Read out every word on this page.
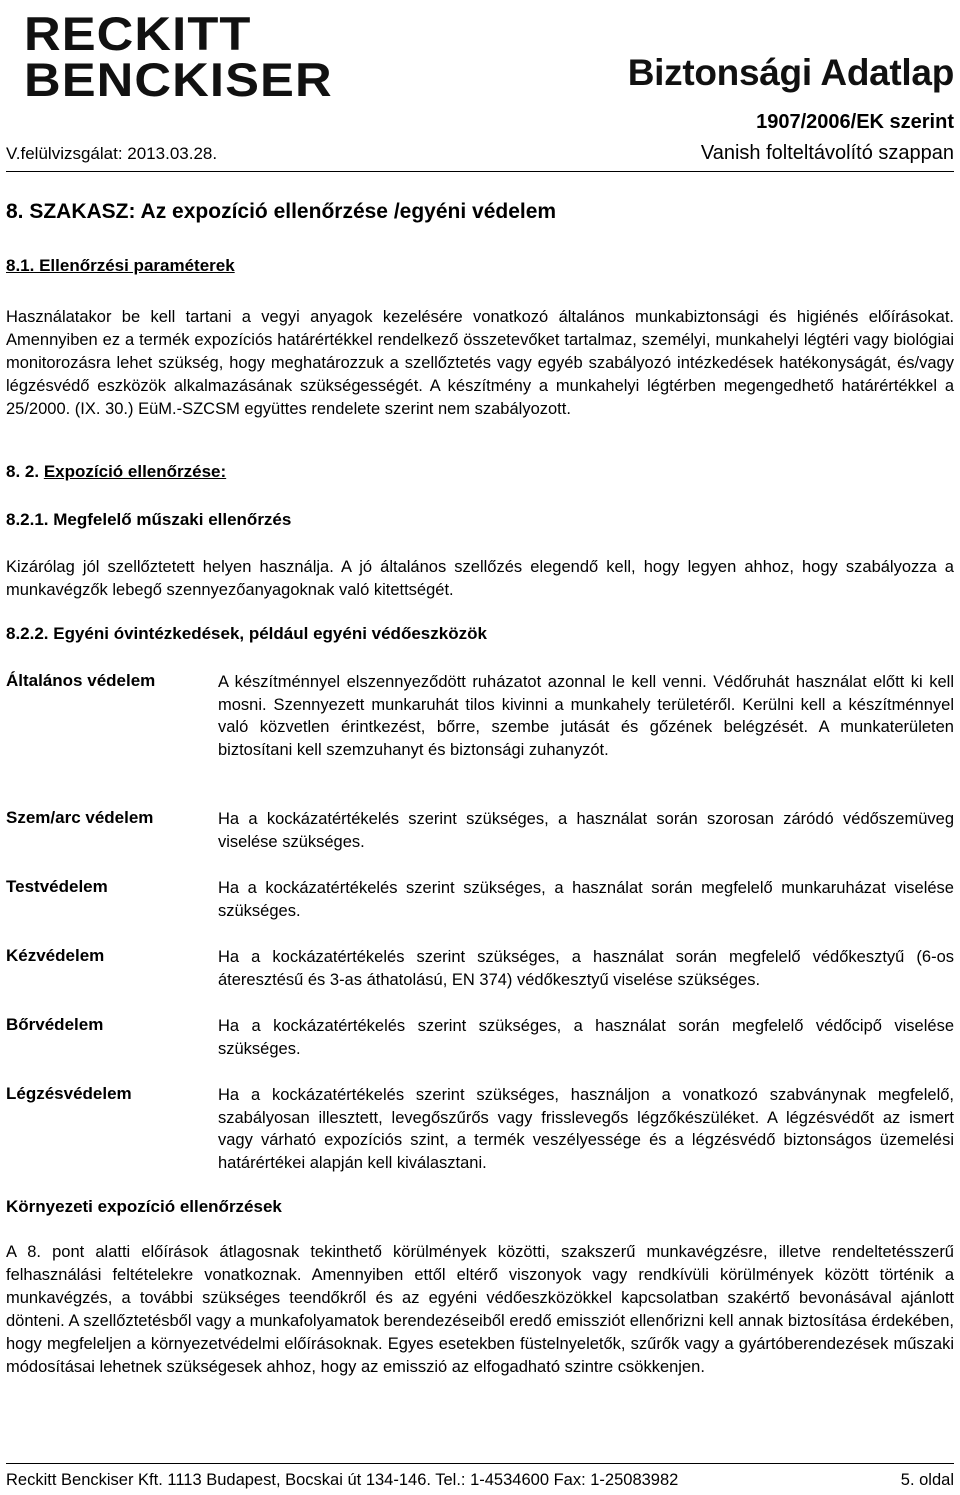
RECKITT
BENCKISER	Biztonsági Adatlap
1907/2006/EK szerint
Vanish folteltávolító szappan
V.felülvizsgálat: 2013.03.28.
8. SZAKASZ: Az expozíció ellenőrzése /egyéni védelem
8.1. Ellenőrzési paraméterek
Használatakor be kell tartani a vegyi anyagok kezelésére vonatkozó általános munkabiztonsági és higiénés előírásokat. Amennyiben ez a termék expozíciós határértékkel rendelkező összetevőket tartalmaz, személyi, munkahelyi légtéri vagy biológiai monitorozásra lehet szükség, hogy meghatározzuk a szellőztetés vagy egyéb szabályozó intézkedések hatékonyságát, és/vagy légzésvédő eszközök alkalmazásának szükségességét. A készítmény a munkahelyi légtérben megengedhető határértékkel a 25/2000. (IX. 30.) EüM.-SZCSM együttes rendelete szerint nem szabályozott.
8. 2. Expozíció ellenőrzése:
8.2.1. Megfelelő műszaki ellenőrzés
Kizárólag jól szellőztetett helyen használja. A jó általános szellőzés elegendő kell, hogy legyen ahhoz, hogy szabályozza a munkavégzők lebegő szennyezőanyagoknak való kitettségét.
8.2.2. Egyéni óvintézkedések, például egyéni védőeszközök
Általános védelem	A készítménnyel elszennyeződött ruházatot azonnal le kell venni. Védőruhát használat előtt ki kell mosni. Szennyezett munkaruhát tilos kivinni a munkahely területéről. Kerülni kell a készítménnyel való közvetlen érintkezést, bőrre, szembe jutását és gőzének belégzését. A munkaterületen biztosítani kell szemzuhanyt és biztonsági zuhanyzót.
Szem/arc védelem	Ha a kockázatértékelés szerint szükséges, a használat során szorosan záródó védőszemüveg viselése szükséges.
Testvédelem	Ha a kockázatértékelés szerint szükséges, a használat során megfelelő munkaruházat viselése szükséges.
Kézvédelem	Ha a kockázatértékelés szerint szükséges, a használat során megfelelő védőkesztyű (6-os áteresztésű és 3-as áthatolású, EN 374) védőkesztyű viselése szükséges.
Bőrvédelem	Ha a kockázatértékelés szerint szükséges, a használat során megfelelő védőcipő viselése szükséges.
Légzésvédelem	Ha a kockázatértékelés szerint szükséges, használjon a vonatkozó szabványnak megfelelő, szabályosan illesztett, levegőszűrős vagy frisslevegős légzőkészüléket. A légzésvédőt az ismert vagy várható expozíciós szint, a termék veszélyessége és a légzésvédő biztonságos üzemelési határértékei alapján kell kiválasztani.
Környezeti expozíció ellenőrzések
A 8. pont alatti előírások átlagosnak tekinthető körülmények közötti, szakszerű munkavégzésre, illetve rendeltetésszerű felhasználási feltételekre vonatkoznak. Amennyiben ettől eltérő viszonyok vagy rendkívüli körülmények között történik a munkavégzés, a további szükséges teendőkről és az egyéni védőeszközökkel kapcsolatban szakértő bevonásával ajánlott dönteni. A szellőztetésből vagy a munkafolyamatok berendezéseiből eredő emissziót ellenőrizni kell annak biztosítása érdekében, hogy megfeleljen a környezetvédelmi előírásoknak. Egyes esetekben füstelnyeletők, szűrők vagy a gyártóberendezések műszaki módosításai lehetnek szükségesek ahhoz, hogy az emisszió az elfogadható szintre csökkenjen.
Reckitt Benckiser Kft. 1113 Budapest, Bocskai út 134-146. Tel.: 1-4534600 Fax: 1-25083982	5. oldal
